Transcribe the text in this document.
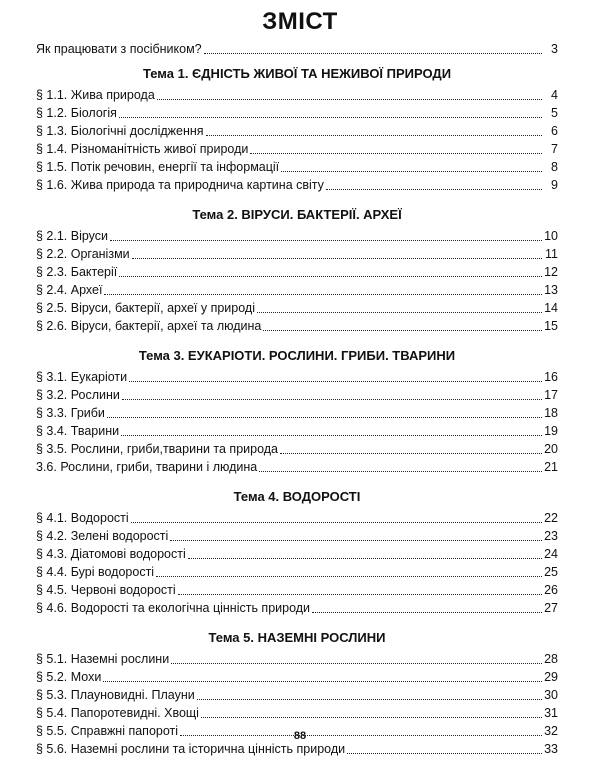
ЗМІСТ
Як працювати з посібником?	3
Тема 1. ЄДНІСТЬ ЖИВОЇ ТА НЕЖИВОЇ ПРИРОДИ
§ 1.1. Жива природа	4
§ 1.2. Біологія	5
§ 1.3. Біологічні дослідження	6
§ 1.4. Різноманітність живої природи	7
§ 1.5. Потік речовин, енергії та інформації	8
§ 1.6. Жива природа та природнича картина світу	9
Тема 2. ВІРУСИ. БАКТЕРІЇ. АРХЕЇ
§ 2.1. Віруси	10
§ 2.2. Організми	11
§ 2.3. Бактерії	12
§ 2.4. Археї	13
§ 2.5. Віруси, бактерії, археї у природі	14
§ 2.6. Віруси, бактерії, археї та людина	15
Тема 3. ЕУКАРІОТИ. РОСЛИНИ. ГРИБИ. ТВАРИНИ
§ 3.1. Еукаріоти	16
§ 3.2. Рослини	17
§ 3.3. Гриби	18
§ 3.4. Тварини	19
§ 3.5. Рослини, гриби,тварини та природа	20
3.6. Рослини, гриби, тварини і людина	21
Тема 4. ВОДОРОСТІ
§ 4.1. Водорості	22
§ 4.2. Зелені водорості	23
§ 4.3. Діатомові водорості	24
§ 4.4. Бурі водорості	25
§ 4.5. Червоні водорості	26
§ 4.6. Водорості та екологічна цінність природи	27
Тема 5. НАЗЕМНІ РОСЛИНИ
§ 5.1. Наземні рослини	28
§ 5.2. Мохи	29
§ 5.3. Плауновидні. Плауни	30
§ 5.4. Папоротевидні. Хвощі	31
§ 5.5. Справжні папороті	32
§ 5.6. Наземні рослини та історична цінність природи	33
88
